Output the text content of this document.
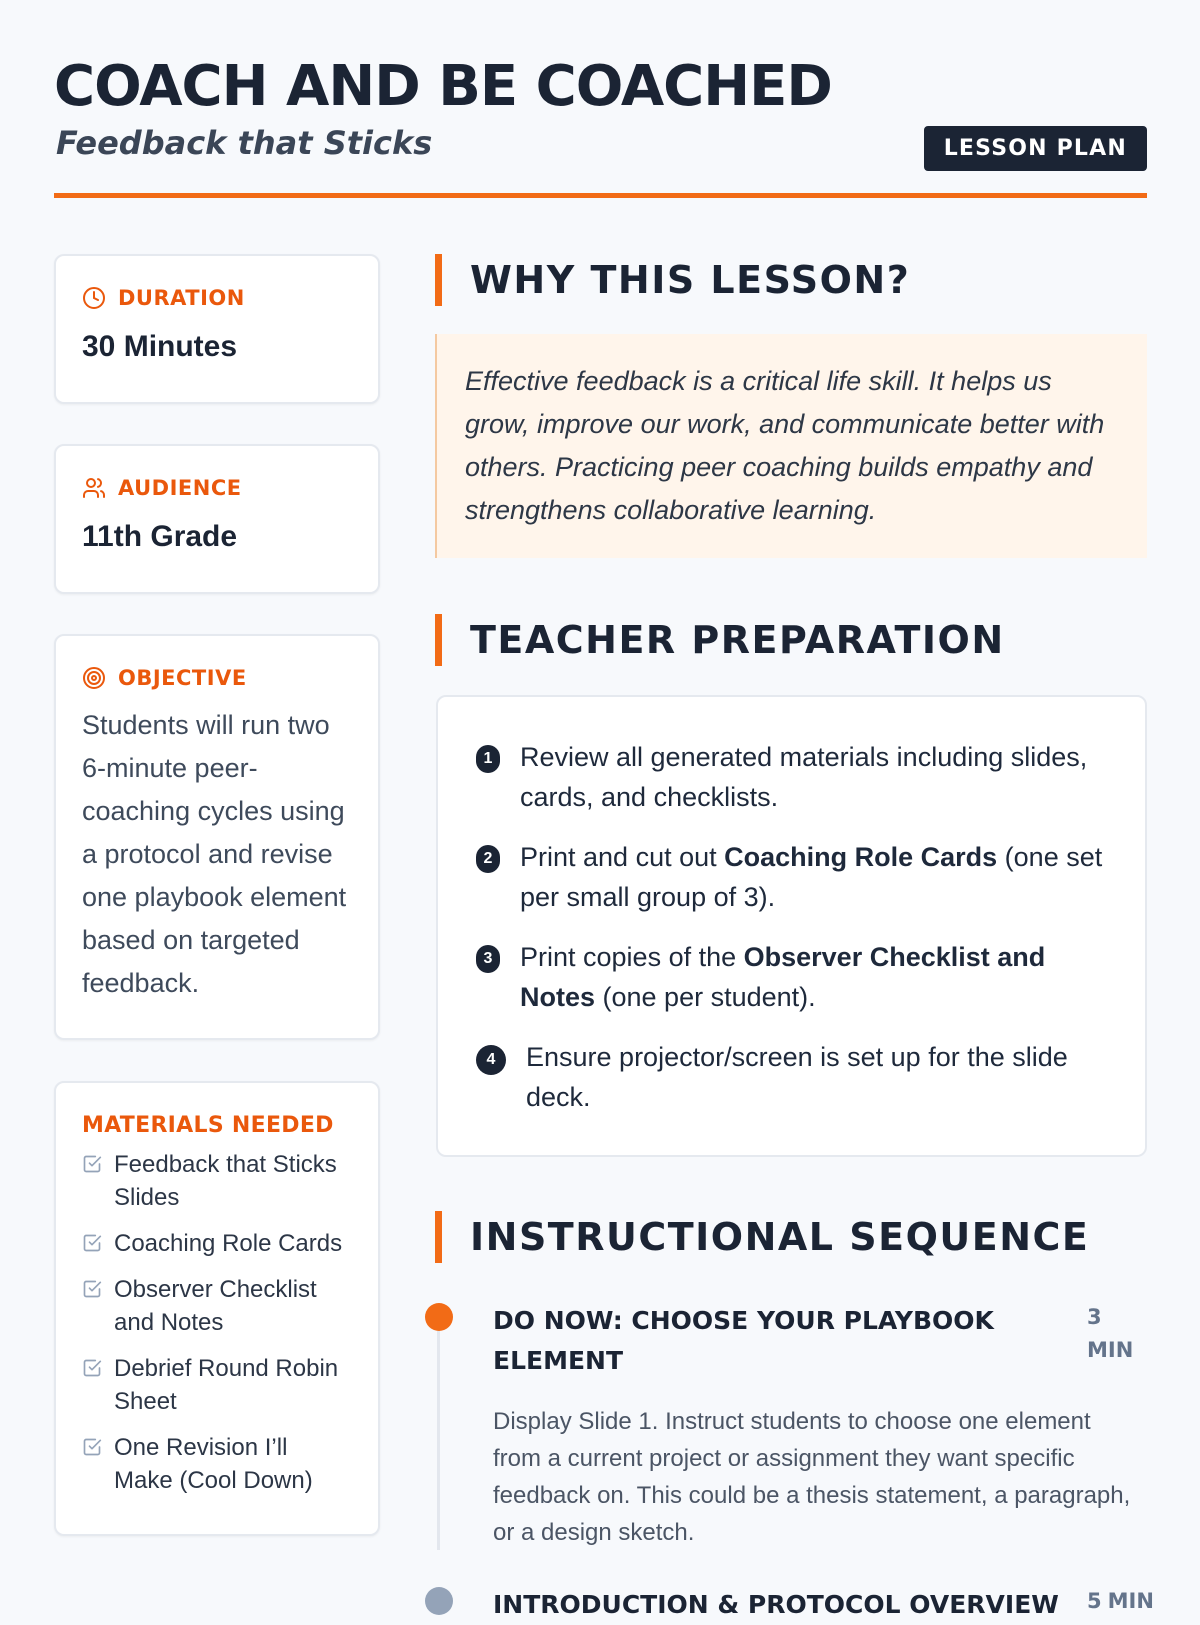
COACH AND BE COACHED

Feedback that Sticks	LESSON PLAN
DURATION
30 Minutes
AUDIENCE
11th Grade
OBJECTIVE
Students will run two 6-minute peer-coaching cycles using a protocol and revise one playbook element based on targeted feedback.
MATERIALS NEEDED
Feedback that Sticks Slides
Coaching Role Cards
Observer Checklist and Notes
Debrief Round Robin Sheet
One Revision I’ll Make (Cool Down)
WHY THIS LESSON?

Effective feedback is a critical life skill. It helps us grow, improve our work, and communicate better with others. Practicing peer coaching builds empathy and strengthens collaborative learning.

TEACHER PREPARATION
1 Review all generated materials including slides, cards, and checklists.
2 Print and cut out Coaching Role Cards (one set per small group of 3).
3 Print copies of the Observer Checklist and Notes (one per student).
4	Ensure projector/screen is set up for the slide deck.
INSTRUCTIONAL SEQUENCE
DO NOW: CHOOSE YOUR PLAYBOOK ELEMENT
3
MIN

Display Slide 1. Instruct students to choose one element from a current project or assignment they want specific feedback on. This could be a thesis statement, a paragraph, or a design sketch.

INTRODUCTION & PROTOCOL OVERVIEW 5 MIN
